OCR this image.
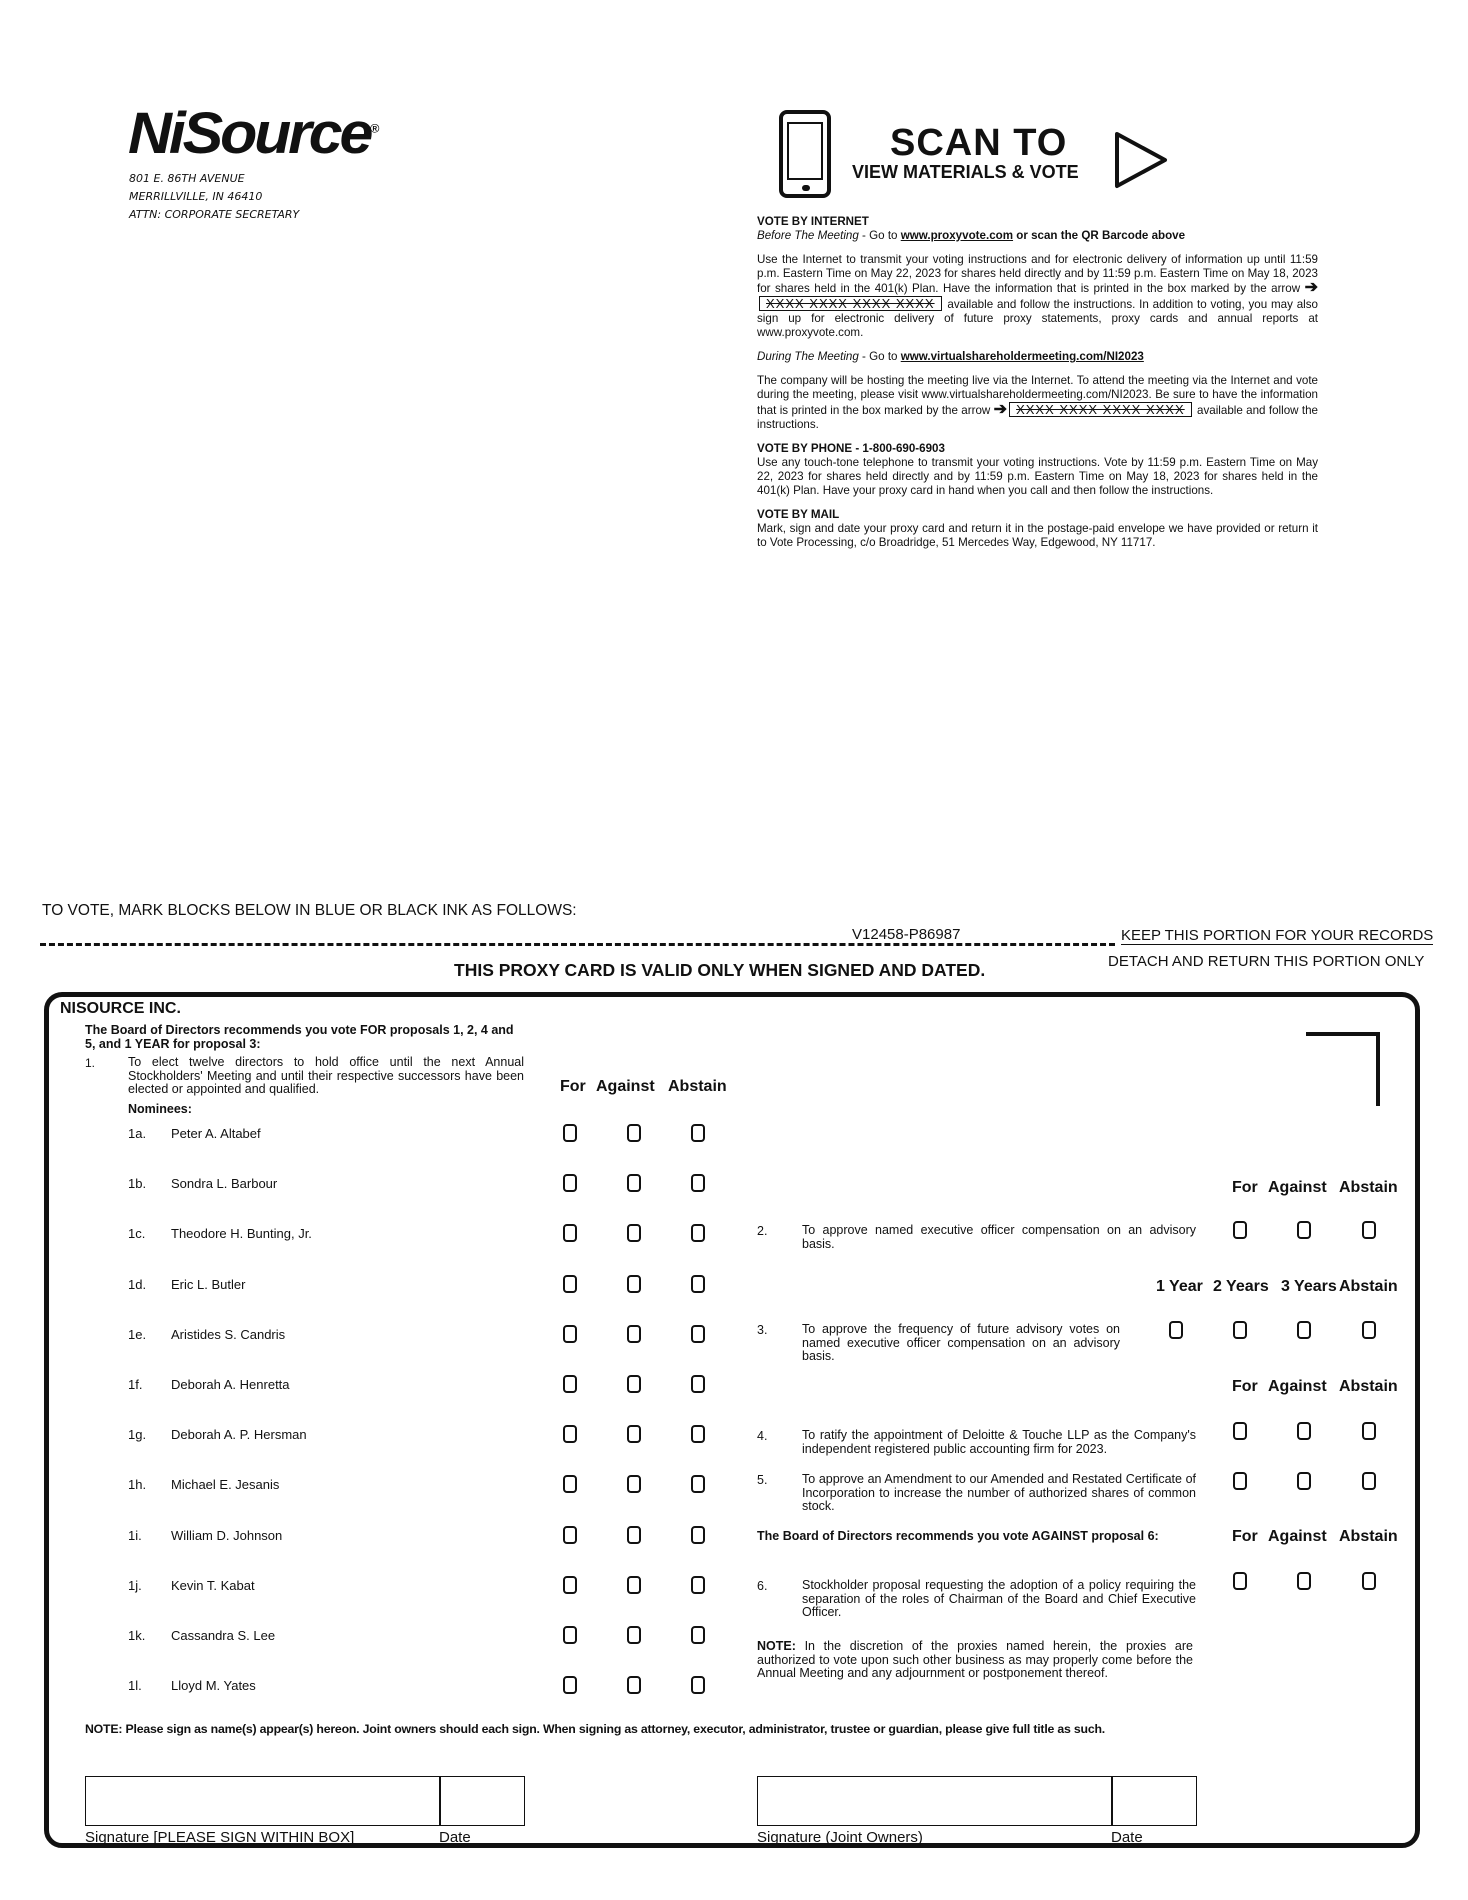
NiSource®
801 E. 86TH AVENUE
MERRILLVILLE, IN 46410
ATTN: CORPORATE SECRETARY
SCAN TO
VIEW MATERIALS & VOTE
VOTE BY INTERNET

Before The Meeting - Go to www.proxyvote.com or scan the QR Barcode above

Use the Internet to transmit your voting instructions and for electronic delivery of information up until 11:59 p.m. Eastern Time on May 22, 2023 for shares held directly and by 11:59 p.m. Eastern Time on May 18, 2023 for shares held in the 401(k) Plan. Have the information that is printed in the box marked by the arrow ➔XXXX XXXX XXXX XXXX available and follow the instructions. In addition to voting, you may also sign up for electronic delivery of future proxy statements, proxy cards and annual reports at www.proxyvote.com.

During The Meeting - Go to www.virtualshareholdermeeting.com/NI2023

The company will be hosting the meeting live via the Internet. To attend the meeting via the Internet and vote during the meeting, please visit www.virtualshareholdermeeting.com/NI2023. Be sure to have the information that is printed in the box marked by the arrow ➔ XXXX XXXX XXXX XXXX available and follow the instructions.

VOTE BY PHONE - 1-800-690-6903

Use any touch-tone telephone to transmit your voting instructions. Vote by 11:59 p.m. Eastern Time on May 22, 2023 for shares held directly and by 11:59 p.m. Eastern Time on May 18, 2023 for shares held in the 401(k) Plan. Have your proxy card in hand when you call and then follow the instructions.

VOTE BY MAIL

Mark, sign and date your proxy card and return it in the postage-paid envelope we have provided or return it to Vote Processing, c/o Broadridge, 51 Mercedes Way, Edgewood, NY 11717.

TO VOTE, MARK BLOCKS BELOW IN BLUE OR BLACK INK AS FOLLOWS:
V12458-P86987	KEEP THIS PORTION FOR YOUR RECORDS
DETACH AND RETURN THIS PORTION ONLY
THIS PROXY CARD IS VALID ONLY WHEN SIGNED AND DATED.
NISOURCE INC.
The Board of Directors recommends you vote FOR proposals 1, 2, 4 and 5, and 1 YEAR for proposal 3:
1.	To elect twelve directors to hold office until the next Annual Stockholders' Meeting and until their respective successors have been elected or appointed and qualified.
Nominees:
For Against Abstain
1a. Peter A. Altabef
1b. Sondra L. Barbour
1c. Theodore H. Bunting, Jr.
1d. Eric L. Butler
1e. Aristides S. Candris
1f. Deborah A. Henretta
1g. Deborah A. P. Hersman
1h. Michael E. Jesanis
1i. William D. Johnson
1j. Kevin T. Kabat
1k. Cassandra S. Lee
1l. Lloyd M. Yates
For Against Abstain
2.	To approve named executive officer compensation on an advisory basis.
1 Year 2 Years 3 Years Abstain
3.	To approve the frequency of future advisory votes on named executive officer compensation on an advisory basis.
For Against Abstain
4.	To ratify the appointment of Deloitte & Touche LLP as the Company's independent registered public accounting firm for 2023.
5.	To approve an Amendment to our Amended and Restated Certificate of Incorporation to increase the number of authorized shares of common stock.
The Board of Directors recommends you vote AGAINST proposal 6:	For Against Abstain
6.	Stockholder proposal requesting the adoption of a policy requiring the separation of the roles of Chairman of the Board and Chief Executive Officer.
NOTE: In the discretion of the proxies named herein, the proxies are authorized to vote upon such other business as may properly come before the Annual Meeting and any adjournment or postponement thereof.
NOTE: Please sign as name(s) appear(s) hereon. Joint owners should each sign. When signing as attorney, executor, administrator, trustee or guardian, please give full title as such.
Signature [PLEASE SIGN WITHIN BOX]	Date	Signature (Joint Owners)	Date
